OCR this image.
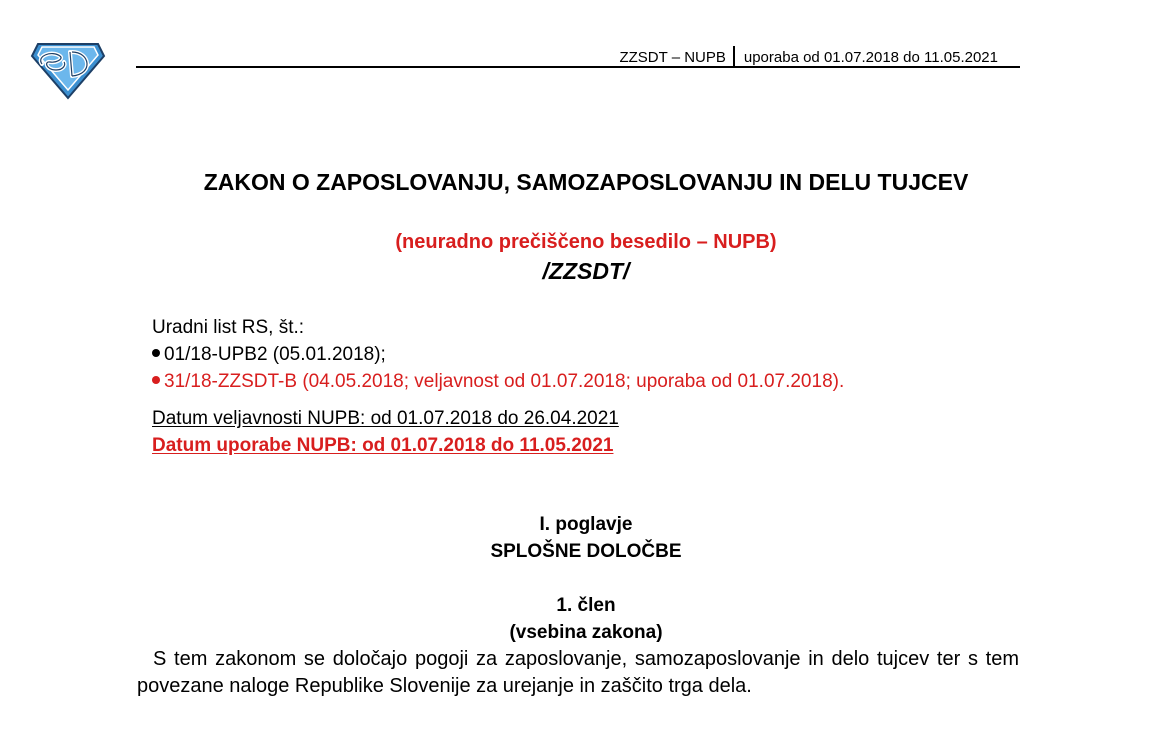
ZZSDT – NUPB uporaba od 01.07.2018 do 11.05.2021
ZAKON O ZAPOSLOVANJU, SAMOZAPOSLOVANJU IN DELU TUJCEV
(neuradno prečiščeno besedilo – NUPB)
/ZZSDT/
Uradni list RS, št.:
01/18-UPB2 (05.01.2018);
31/18-ZZSDT-B (04.05.2018; veljavnost od 01.07.2018; uporaba od 01.07.2018).
Datum veljavnosti NUPB: od 01.07.2018 do 26.04.2021
Datum uporabe NUPB: od 01.07.2018 do 11.05.2021
I. poglavje
SPLOŠNE DOLOČBE
1. člen
(vsebina zakona)
S tem zakonom se določajo pogoji za zaposlovanje, samozaposlovanje in delo tujcev ter s tem povezane naloge Republike Slovenije za urejanje in zaščito trga dela.
